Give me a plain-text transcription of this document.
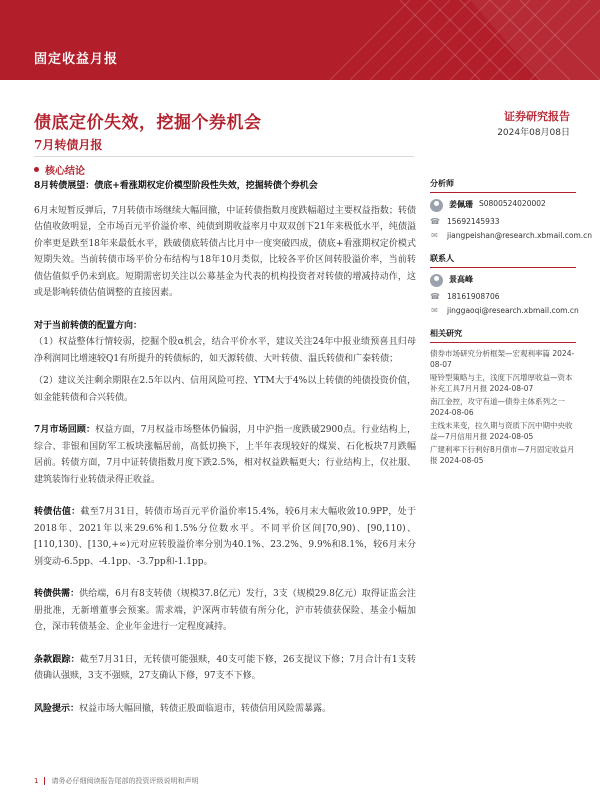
固定收益月报
债底定价失效，挖掘个券机会
7月转债月报
证券研究报告
2024年08月08日
核心结论
8月转债展望：债底+看涨期权定价模型阶段性失效，挖掘转债个券机会

6月末短暂反弹后，7月转债市场继续大幅回撤，中证转债指数月度跌幅超过主要权益指数；转债估值收敛明显，全市场百元平价溢价率、纯债到期收益率月中双双创下21年来极低水平，纯债溢价率更是跌至18年来最低水平，跌破债底转债占比月中一度突破四成，债底+看涨期权定价模式短期失效。当前转债市场平价分布结构与18年10月类似，比较各平价区间转股溢价率，当前转债估值似乎仍未到底。短期需密切关注以公募基金为代表的机构投资者对转债的增减持动作，这或是影响转债估值调整的直接因素。

对于当前转债的配置方向：

（1）权益整体行情较弱，挖掘个股α机会，结合平价水平，建议关注24年中报业绩预喜且归母净利润同比增速较Q1有所提升的转债标的，如天源转债、大叶转债、温氏转债和广泰转债；

（2）建议关注剩余期限在2.5年以内、信用风险可控、YTM大于4%以上转债的纯债投资价值，如金能转债和合兴转债。

7月市场回顾：权益方面，7月权益市场整体仍偏弱，月中沪指一度跌破2900点。行业结构上，综合、非银和国防军工板块涨幅居前，高低切换下，上半年表现较好的煤炭、石化板块7月跌幅居前。转债方面，7月中证转债指数月度下跌2.5%，相对权益跌幅更大；行业结构上，仅社服、建筑装饰行业转债录得正收益。

转债估值：截至7月31日，转债市场百元平价溢价率15.4%，较6月末大幅收敛10.9PP，处于2018年、2021年以来29.6%和1.5%分位数水平。不同平价区间[70,90)、[90,110)、[110,130)、[130,+∞)元对应转股溢价率分别为40.1%、23.2%、9.9%和8.1%，较6月末分别变动-6.5pp、-4.1pp、-3.7pp和-1.1pp。

转债供需：供给端，6月有8支转债（规模37.8亿元）发行，3支（规模29.8亿元）取得证监会注册批准，无新增董事会预案。需求端，沪深两市转债有所分化，沪市转债获保险、基金小幅加仓，深市转债基金、企业年金进行一定程度减持。

条款跟踪：截至7月31日，无转债可能强赎，40支可能下修，26支提议下修；7月合计有1支转债确认强赎，3支不强赎，27支确认下修，97支不下修。

风险提示：权益市场大幅回撤，转债正股面临退市，转债信用风险需暴露。

分析师
姜佩珊 S0800524020002
☎ 15692145933
✉ jiangpeishan@research.xbmail.com.cn
联系人
景高峰
☎ 18161908706
✉ jinggaoqi@research.xbmail.com.cn
相关研究
债券市场研究分析框架—宏观利率篇 2024-08-07
哑铃型策略与主，浅度下沉增厚收益—资本补充工具7月月报 2024-08-07
南江金控，攻守有道—债券主体系列之一 2024-08-06
主线未来变，拉久期与资质下沉中期中央收益—7月信用月报 2024-08-05
广建利率下行利好8月债市—7月固定收益月报 2024-08-05
1 请务必仔细阅读报告尾部的投资评级说明和声明
